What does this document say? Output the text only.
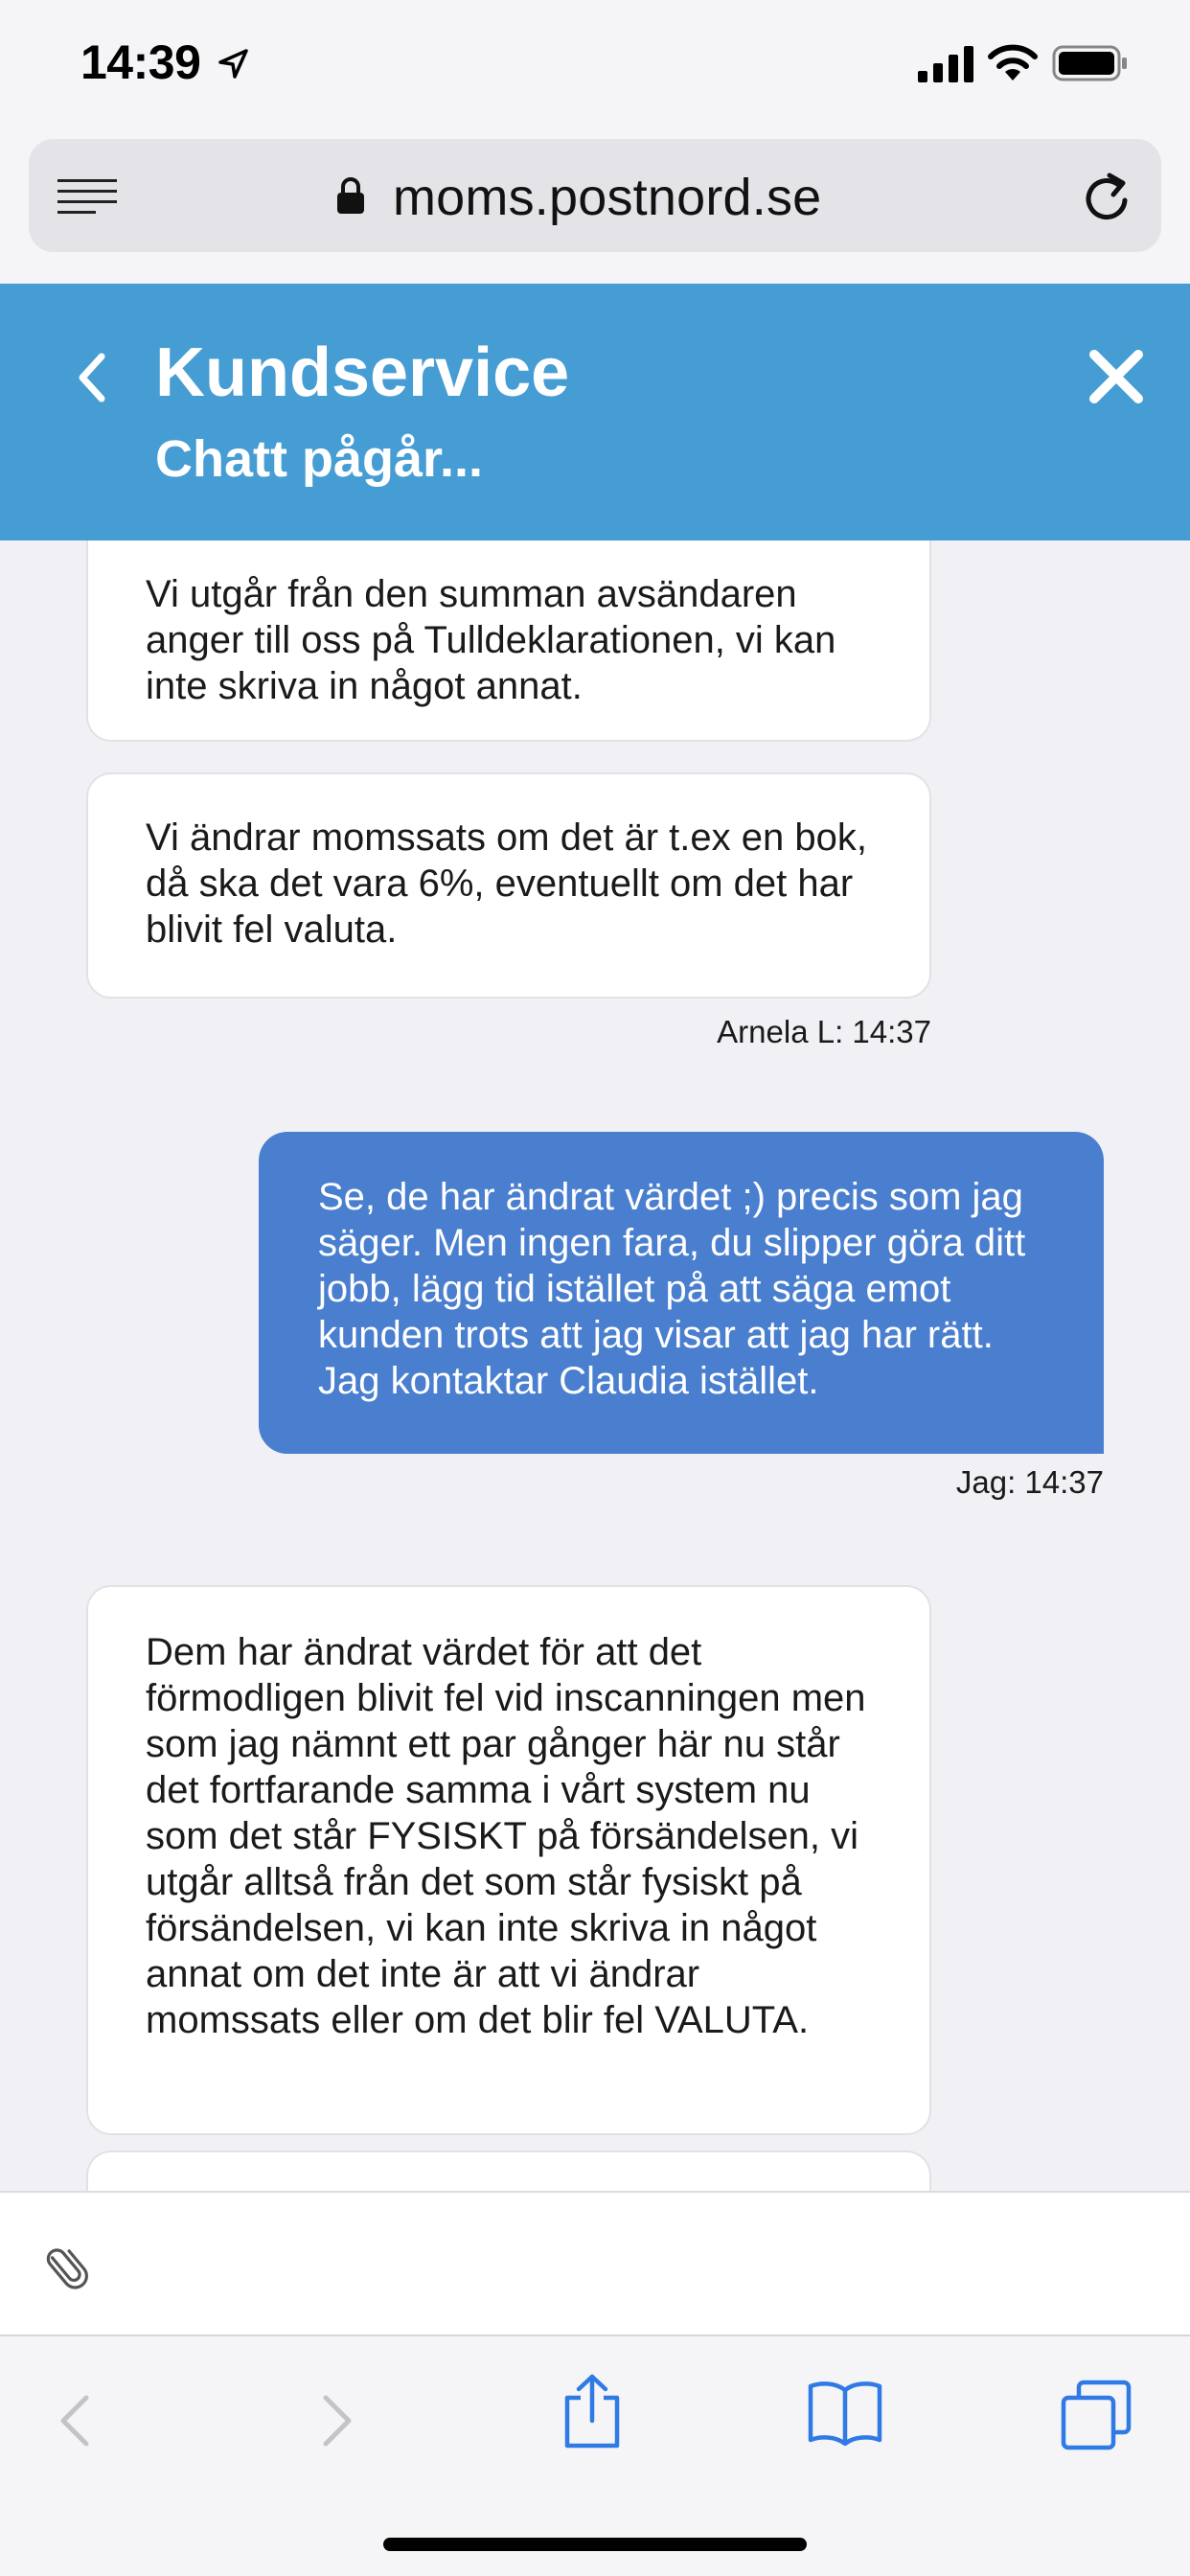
14:39
moms.postnord.se
Kundservice
Chatt pågår...

Vi utgår från den summan avsändaren anger till oss på Tulldeklarationen, vi kan inte skriva in något annat.

Vi ändrar momssats om det är t.ex en bok, då ska det vara 6%, eventuellt om det har blivit fel valuta.

Arnela L: 14:37

Se, de har ändrat värdet ;) precis som jag säger. Men ingen fara, du slipper göra ditt jobb, lägg tid istället på att säga emot kunden trots att jag visar att jag har rätt. Jag kontaktar Claudia istället.

Jag: 14:37

Dem har ändrat värdet för att det förmodligen blivit fel vid inscanningen men som jag nämnt ett par gånger här nu står det fortfarande samma i vårt system nu som det står FYSISKT på försändelsen, vi utgår alltså från det som står fysiskt på försändelsen, vi kan inte skriva in något annat om det inte är att vi ändrar momssats eller om det blir fel VALUTA.
